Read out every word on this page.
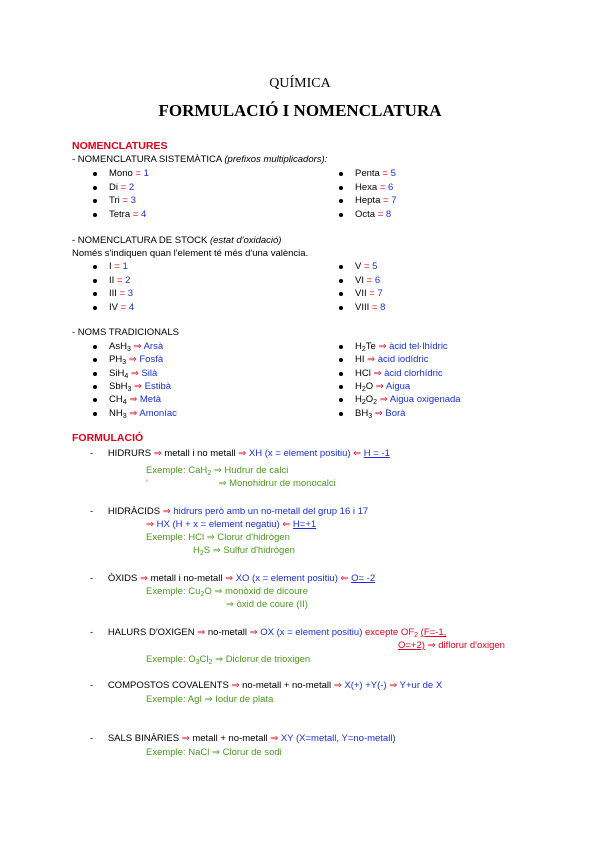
QUÍMICA
FORMULACIÓ I NOMENCLATURA
NOMENCLATURES
- NOMENCLATURA SISTEMÀTICA (prefixos multiplicadors):
Mono = 1
Di = 2
Tri = 3
Tetra = 4
Penta = 5
Hexa = 6
Hepta = 7
Octa = 8
- NOMENCLATURA DE STOCK (estat d'oxidació)
Només s'indiquen quan l'element té més d'una valència.
I = 1
II = 2
III = 3
IV = 4
V = 5
VI = 6
VII = 7
VIII = 8
- NOMS TRADICIONALS
AsH$_3$ ⇒ Arsà
$PH_3$ ⇒ Fosfà
SiH$_4$ ⇒ Silà
SbH$_3$ ⇒ Estibà
$CH_4$ ⇒ Metà
$NH_3$ ⇒ Amoníac
$H_2Te$ ⇒ àcid tel·lhídric
HI ⇒ àcid iodídric
HCl ⇒ àcid clorhídric
$H_2O$ ⇒ Aigua
$H_2O_2$ ⇒ Aigua oxigenada
$BH_3$ ⇒ Borà
FORMULACIÓ
- HIDRURS ⇒ metall i no metall ⇒ XH (x = element positiu) ⇐ H = -1
Exemple: CaH$_2$ ⇒ Hudrur de calci
'	⇒ Monohidrur de monocalci
- HIDRÀCIDS ⇒ hidrurs però amb un no-metall del grup 16 i 17
⇒ HX (H + x = element negatiu) ⇐ H=+1
Exemple: HCl ⇒ Clorur d'hidrògen
$H_2S$ ⇒ Sulfur d'hidrògen
- ÒXIDS ⇒ metall i no-metall ⇒ XO (x = element positiu) ⇐ O= -2
Exemple: $Cu_2O$ ⇒ monòxid de dicoure
⇒ òxid de coure (II)
- HALURS D'OXIGEN ⇒ no-metall ⇒ OX (x = element positiu) excepte $OF_2$ (F=-1,
O=+2) ⇒ diflorur d'oxigen
Exemple: $O_3Cl_2$ ⇒ Diclorur de trioxigen
- COMPOSTOS COVALENTS ⇒ no-metall + no-metall ⇒ X(+) +Y(-) ⇒ Y+ur de X
Exemple: AgI ⇒ Iodur de plata
- SALS BINÀRIES ⇒ metall + no-metall ⇒ XY (X=metall, Y=no-metall)
Exemple: NaCl ⇒ Clorur de sodi
